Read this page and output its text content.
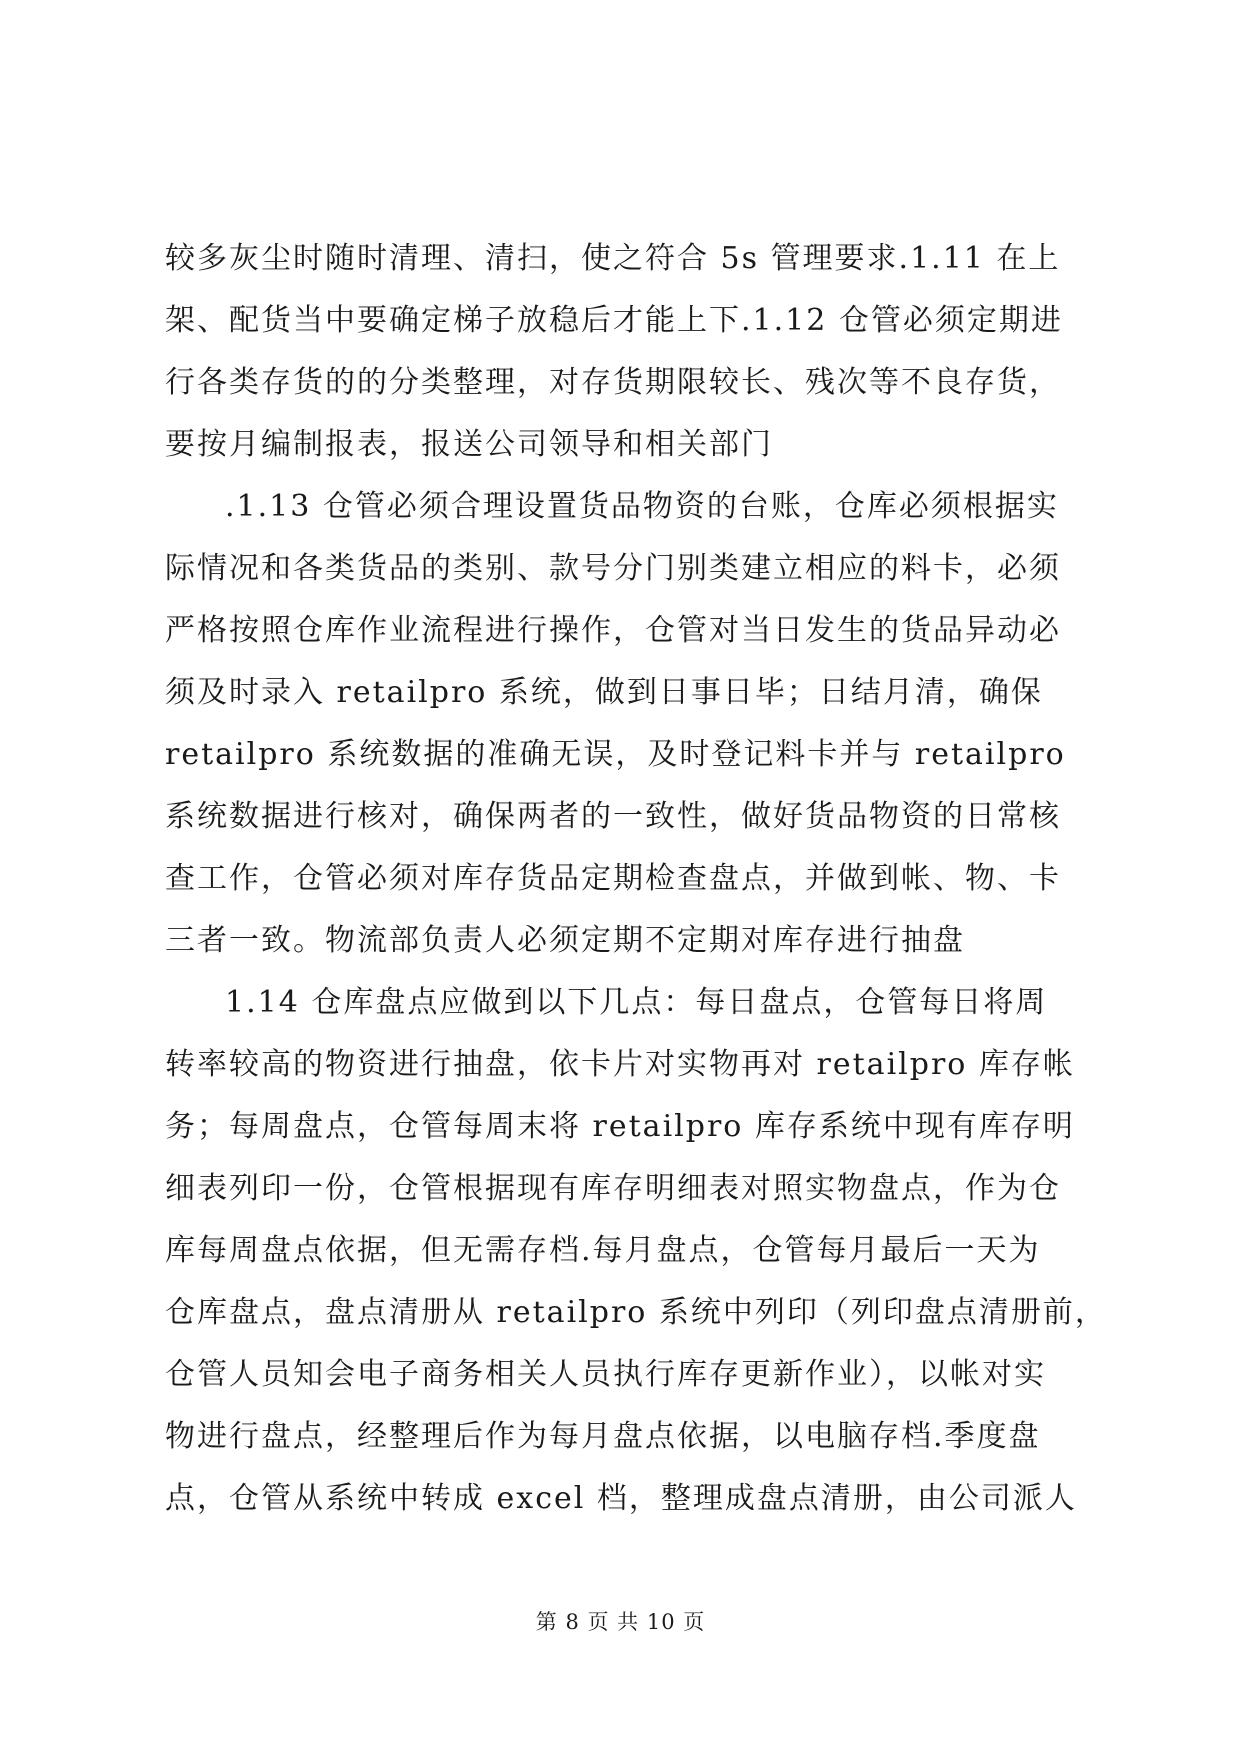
较多灰尘时随时清理、清扫，使之符合 5s 管理要求.1.11 在上
架、配货当中要确定梯子放稳后才能上下.1.12 仓管必须定期进
行各类存货的的分类整理，对存货期限较长、残次等不良存货，
要按月编制报表，报送公司领导和相关部门
.1.13 仓管必须合理设置货品物资的台账，仓库必须根据实
际情况和各类货品的类别、款号分门别类建立相应的料卡，必须
严格按照仓库作业流程进行操作，仓管对当日发生的货品异动必
须及时录入 retailpro 系统，做到日事日毕；日结月清，确保
retailpro 系统数据的准确无误，及时登记料卡并与 retailpro
系统数据进行核对，确保两者的一致性，做好货品物资的日常核
查工作，仓管必须对库存货品定期检查盘点，并做到帐、物、卡
三者一致。物流部负责人必须定期不定期对库存进行抽盘
1.14 仓库盘点应做到以下几点：每日盘点，仓管每日将周
转率较高的物资进行抽盘，依卡片对实物再对 retailpro 库存帐
务；每周盘点，仓管每周末将 retailpro 库存系统中现有库存明
细表列印一份，仓管根据现有库存明细表对照实物盘点，作为仓
库每周盘点依据，但无需存档.每月盘点，仓管每月最后一天为
仓库盘点，盘点清册从 retailpro 系统中列印（列印盘点清册前，
仓管人员知会电子商务相关人员执行库存更新作业），以帐对实
物进行盘点，经整理后作为每月盘点依据，以电脑存档.季度盘
点，仓管从系统中转成 excel 档，整理成盘点清册，由公司派人
第 8 页 共 10 页
